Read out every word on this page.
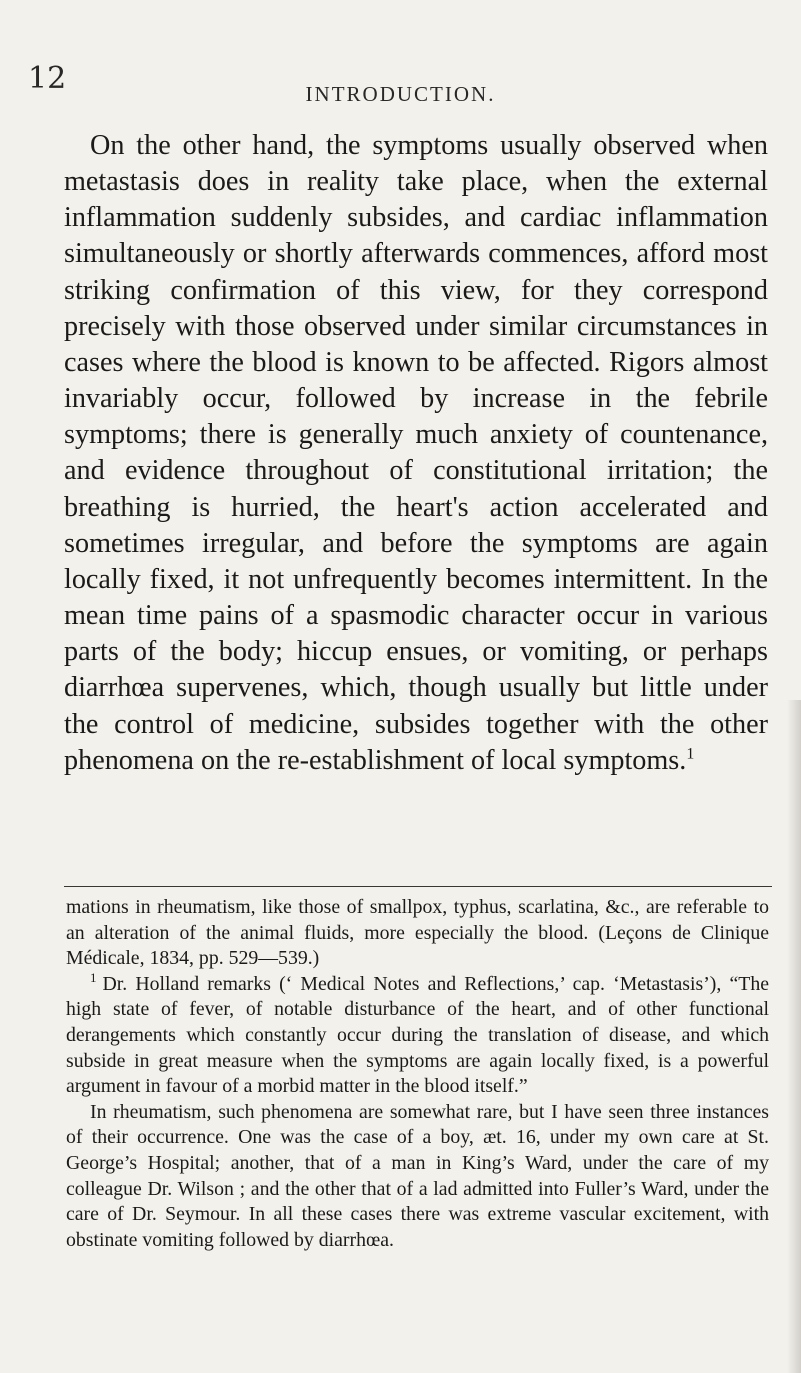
12	INTRODUCTION.

On the other hand, the symptoms usually observed when metastasis does in reality take place, when the external inflammation suddenly subsides, and cardiac inflammation simultaneously or shortly afterwards commences, afford most striking confirmation of this view, for they correspond precisely with those observed under similar circumstances in cases where the blood is known to be affected. Rigors almost invariably occur, followed by increase in the febrile symptoms; there is generally much anxiety of countenance, and evidence throughout of constitutional irritation; the breathing is hurried, the heart's action accelerated and sometimes irregular, and before the symptoms are again locally fixed, it not unfrequently becomes intermittent. In the mean time pains of a spasmodic character occur in various parts of the body; hiccup ensues, or vomiting, or perhaps diarrhœa supervenes, which, though usually but little under the control of medicine, subsides together with the other phenomena on the re-establishment of local symptoms.$^1$

mations in rheumatism, like those of smallpox, typhus, scarlatina, &c., are referable to an alteration of the animal fluids, more especially the blood. (Leçons de Clinique Médicale, 1834, pp. 529—539.)

$^1$ Dr. Holland remarks (‘ Medical Notes and Reflections,’ cap. ‘Metastasis’), “The high state of fever, of notable disturbance of the heart, and of other functional derangements which constantly occur during the translation of disease, and which subside in great measure when the symptoms are again locally fixed, is a powerful argument in favour of a morbid matter in the blood itself.”

In rheumatism, such phenomena are somewhat rare, but I have seen three instances of their occurrence. One was the case of a boy, æt. 16, under my own care at St. George’s Hospital; another, that of a man in King’s Ward, under the care of my colleague Dr. Wilson ; and the other that of a lad admitted into Fuller’s Ward, under the care of Dr. Seymour. In all these cases there was extreme vascular excitement, with obstinate vomiting followed by diarrhœa.
